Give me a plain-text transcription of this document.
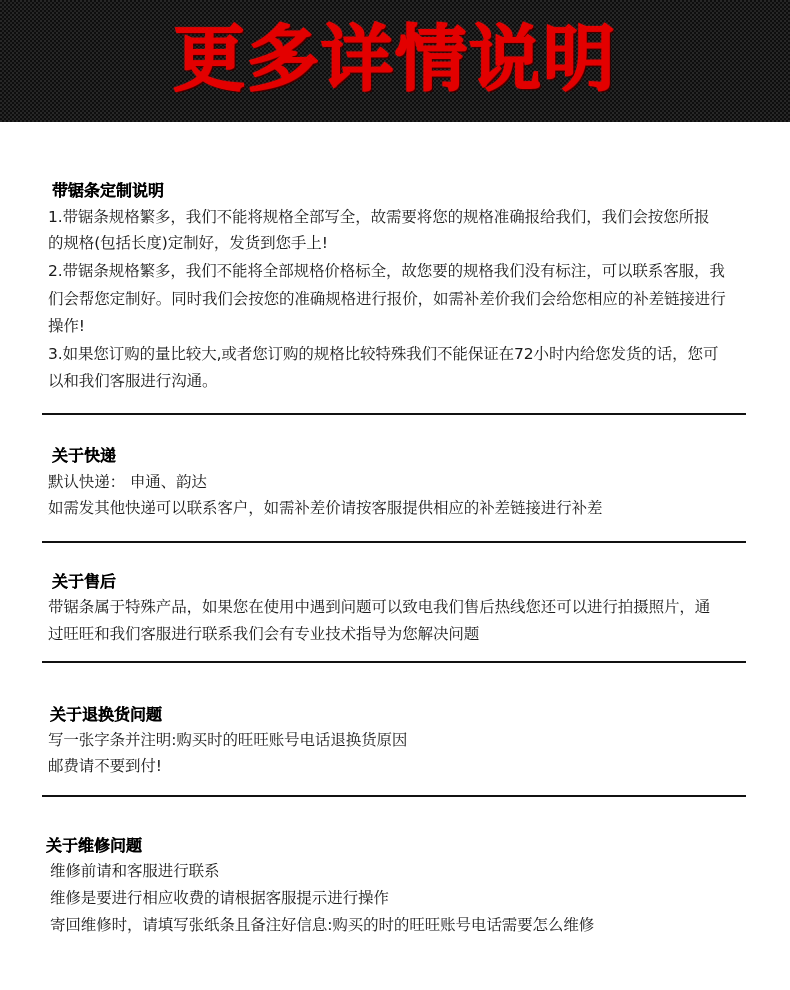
更多详情说明
带锯条定制说明
1.带锯条规格繁多，我们不能将规格全部写全，故需要将您的规格准确报给我们，我们会按您所报
的规格(包括长度)定制好，发货到您手上!
2.带锯条规格繁多，我们不能将全部规格价格标全，故您要的规格我们没有标注，可以联系客服，我
们会帮您定制好。同时我们会按您的准确规格进行报价，如需补差价我们会给您相应的补差链接进行
操作!
3.如果您订购的量比较大,或者您订购的规格比较特殊我们不能保证在72小时内给您发货的话，您可
以和我们客服进行沟通。
关于快递
默认快递： 申通、韵达
如需发其他快递可以联系客户，如需补差价请按客服提供相应的补差链接进行补差
关于售后
带锯条属于特殊产品，如果您在使用中遇到问题可以致电我们售后热线您还可以进行拍摄照片，通
过旺旺和我们客服进行联系我们会有专业技术指导为您解决问题
关于退换货问题
写一张字条并注明:购买时的旺旺账号电话退换货原因
邮费请不要到付!
关于维修问题
维修前请和客服进行联系
维修是要进行相应收费的请根据客服提示进行操作
寄回维修时，请填写张纸条且备注好信息:购买的时的旺旺账号电话需要怎么维修
